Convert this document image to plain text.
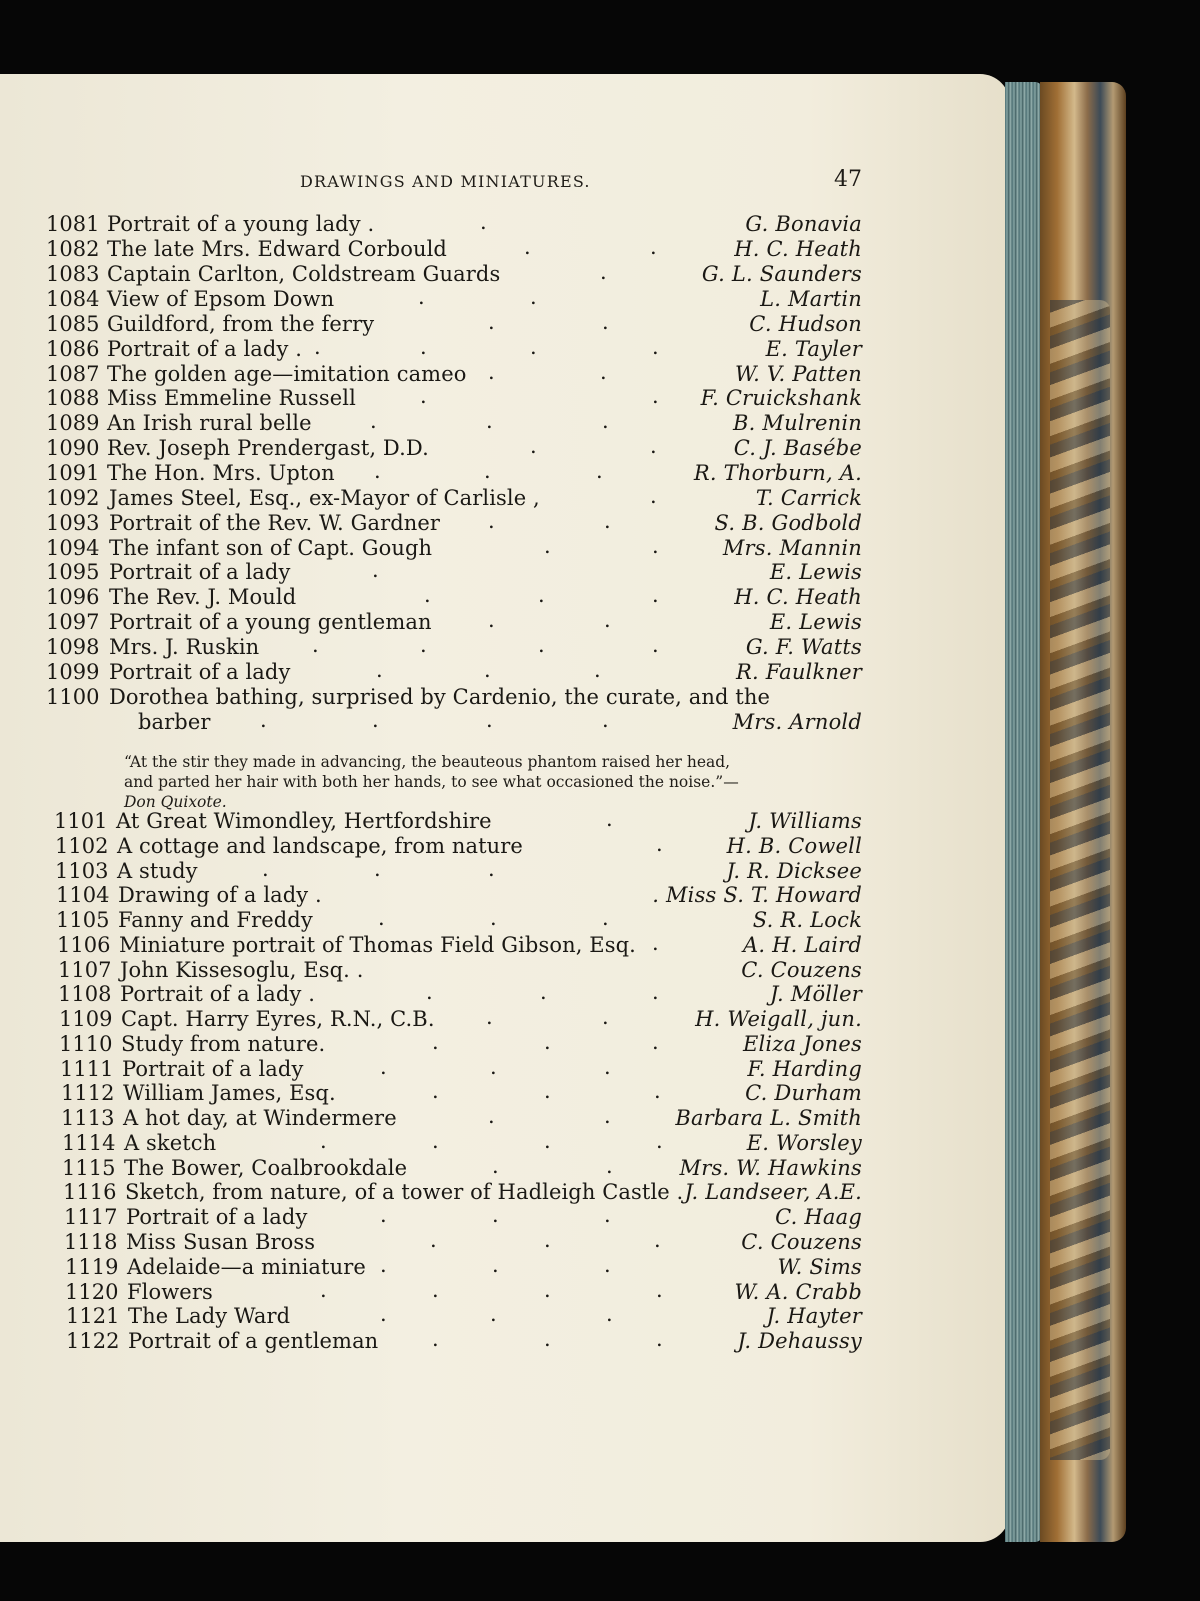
DRAWINGS AND MINIATURES.	47
.
1081 Portrait of a young lady .	G. Bonavia
.	.
1082 The late Mrs. Edward Corbould	H. C. Heath
.
1083 Captain Carlton, Coldstream Guards	G. L. Saunders
.	.
1084 View of Epsom Down	L. Martin
.	.
1085 Guildford, from the ferry	C. Hudson
.	.	.	.
1086 Portrait of a lady .	E. Tayler
.	.
1087 The golden age—imitation cameo	W. V. Patten
.	.
1088 Miss Emmeline Russell	F. Cruickshank
.	.	.
1089 An Irish rural belle	B. Mulrenin
.	.
1090 Rev. Joseph Prendergast, D.D.	C. J. Basébe
.	.	.
1091 The Hon. Mrs. Upton	R. Thorburn, A.
.
1092 James Steel, Esq., ex-Mayor of Carlisle ,	T. Carrick
.	.
1093 Portrait of the Rev. W. Gardner	S. B. Godbold
.	.
1094 The infant son of Capt. Gough	Mrs. Mannin
.
1095 Portrait of a lady	E. Lewis
.	.	.
1096 The Rev. J. Mould	H. C. Heath
.	.
1097 Portrait of a young gentleman	E. Lewis
.	.	.	.
1098 Mrs. J. Ruskin	G. F. Watts
.	.	.
1099 Portrait of a lady	R. Faulkner
1100 Dorothea bathing, surprised by Cardenio, the curate, and the
.	.	.	.
barber	Mrs. Arnold
.
1101 At Great Wimondley, Hertfordshire	J. Williams
.
1102 A cottage and landscape, from nature	H. B. Cowell
.	.	.
1103 A study	J. R. Dicksee
1104 Drawing of a lady .	. Miss S. T. Howard
.	.	.
1105 Fanny and Freddy	S. R. Lock
.
1106 Miniature portrait of Thomas Field Gibson, Esq.	A. H. Laird
1107 John Kissesoglu, Esq. .	C. Couzens
.	.	.
1108 Portrait of a lady .	J. Möller
.	.
1109 Capt. Harry Eyres, R.N., C.B.	H. Weigall, jun.
.	.	.
1110 Study from nature.	Eliza Jones
.	.	.
1111 Portrait of a lady	F. Harding
.	.	.
1112 William James, Esq.	C. Durham
.	.
1113 A hot day, at Windermere	Barbara L. Smith
.	.	.	.
1114 A sketch	E. Worsley
.	.
1115 The Bower, Coalbrookdale	Mrs. W. Hawkins
1116 Sketch, from nature, of a tower of Hadleigh Castle . J. Landseer, A.E.
.	.	.
1117 Portrait of a lady	C. Haag
.	.	.
1118 Miss Susan Bross	C. Couzens
.	.	.
1119 Adelaide—a miniature	W. Sims
.	.	.	.
1120 Flowers	W. A. Crabb
.	.	.
1121 The Lady Ward	J. Hayter
.	.	.
1122 Portrait of a gentleman	J. Dehaussy
“At the stir they made in advancing, the beauteous phantom raised her head,
and parted her hair with both her hands, to see what occasioned the noise.”—
Don Quixote.
